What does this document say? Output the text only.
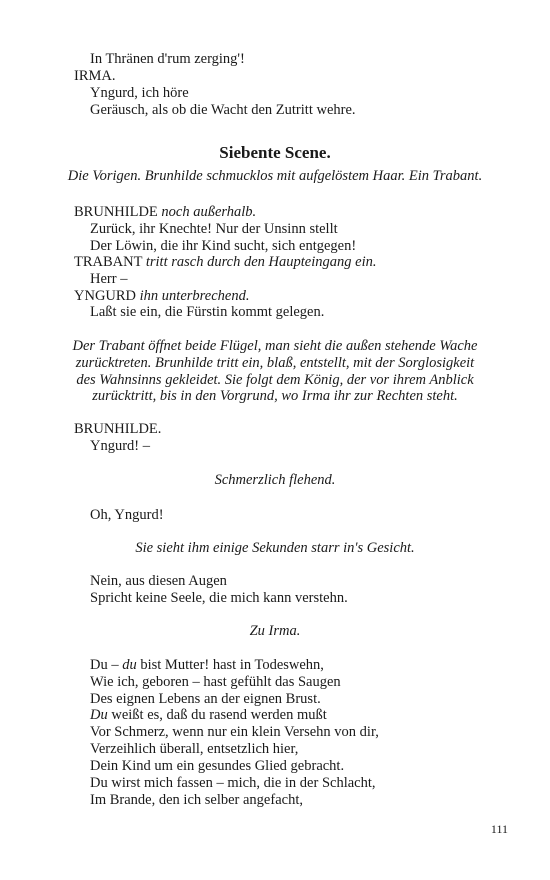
In Thränen d'rum zerging'!
IRMA.
Yngurd, ich höre
Geräusch, als ob die Wacht den Zutritt wehre.
Siebente Scene.
Die Vorigen. Brunhilde schmucklos mit aufgelöstem Haar. Ein Trabant.
BRUNHILDE noch außerhalb.
Zurück, ihr Knechte! Nur der Unsinn stellt
Der Löwin, die ihr Kind sucht, sich entgegen!
TRABANT tritt rasch durch den Haupteingang ein.
Herr –
YNGURD ihn unterbrechend.
Laßt sie ein, die Fürstin kommt gelegen.
Der Trabant öffnet beide Flügel, man sieht die außen stehende Wache
zurücktreten. Brunhilde tritt ein, blaß, entstellt, mit der Sorglosigkeit
des Wahnsinns gekleidet. Sie folgt dem König, der vor ihrem Anblick
zurücktritt, bis in den Vorgrund, wo Irma ihr zur Rechten steht.
BRUNHILDE.
Yngurd! –
Schmerzlich flehend.
Oh, Yngurd!
Sie sieht ihm einige Sekunden starr in's Gesicht.
Nein, aus diesen Augen
Spricht keine Seele, die mich kann verstehn.
Zu Irma.
Du – du bist Mutter! hast in Todeswehn,
Wie ich, geboren – hast gefühlt das Saugen
Des eignen Lebens an der eignen Brust.
Du weißt es, daß du rasend werden mußt
Vor Schmerz, wenn nur ein klein Versehn von dir,
Verzeihlich überall, entsetzlich hier,
Dein Kind um ein gesundes Glied gebracht.
Du wirst mich fassen – mich, die in der Schlacht,
Im Brande, den ich selber angefacht,
111
